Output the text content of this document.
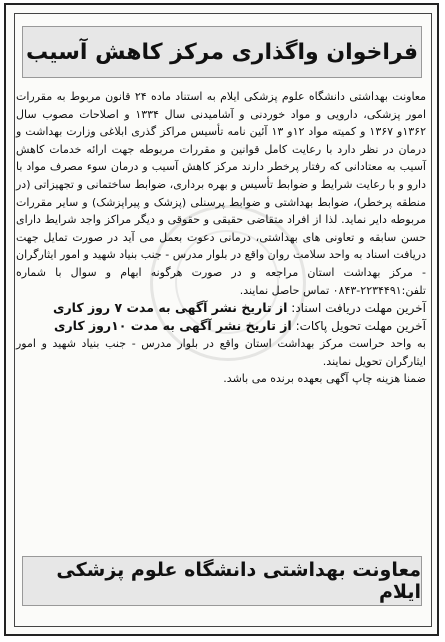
فراخوان واگذاری مرکز کاهش آسیب

معاونت بهداشتی دانشگاه علوم پزشکی ایلام به استناد ماده ۲۴ قانون مربوط به مقررات امور پزشکی، دارویی و مواد خوردنی و آشامیدنی سال ۱۳۳۴ و اصلاحات مصوب سال ۱۳۶۲و ۱۳۶۷ و کمیته مواد ۱۲و ۱۳ آئین نامه تأسیس مراکز گذری ابلاغی وزارت بهداشت و درمان در نظر دارد با رعایت کامل قوانین و مقررات مربوطه جهت ارائه خدمات کاهش آسیب به معتادانی که رفتار پرخطر دارند مرکز کاهش آسیب و درمان سوء مصرف مواد با دارو و با رعایت شرایط و ضوابط تأسیس و بهره برداری، ضوابط ساختمانی و تجهیزاتی (در منطقه پرخطر)، ضوابط بهداشتی و ضوابط پرسنلی (پزشک و پیراپزشک) و سایر مقررات مربوطه دایر نماید. لذا از افراد متقاضی حقیقی و حقوقی و دیگر مراکز واجد شرایط دارای حسن سابقه و تعاونی های بهداشتی، درمانی دعوت بعمل می آید در صورت تمایل جهت دریافت اسناد به واحد سلامت روان واقع در بلوار مدرس - جنب بنیاد شهید و امور ایثارگران - مرکز بهداشت استان مراجعه و در صورت هرگونه ابهام و سوال با شماره تلفن:۲۲۳۴۴۹۱-۰۸۴۳ تماس حاصل نمایند.

آخرین مهلت دریافت اسناد: از تاریخ نشر آگهی به مدت ۷ روز کاری

آخرین مهلت تحویل پاکات: از تاریخ نشر آگهی به مدت ۱۰روز کاری

به واحد حراست مرکز بهداشت استان واقع در بلوار مدرس - جنب بنیاد شهید و امور ایثارگران تحویل نمایند.

ضمنا هزینه چاپ آگهی بعهده برنده می باشد.

معاونت بهداشتی دانشگاه علوم پزشکی ایلام
